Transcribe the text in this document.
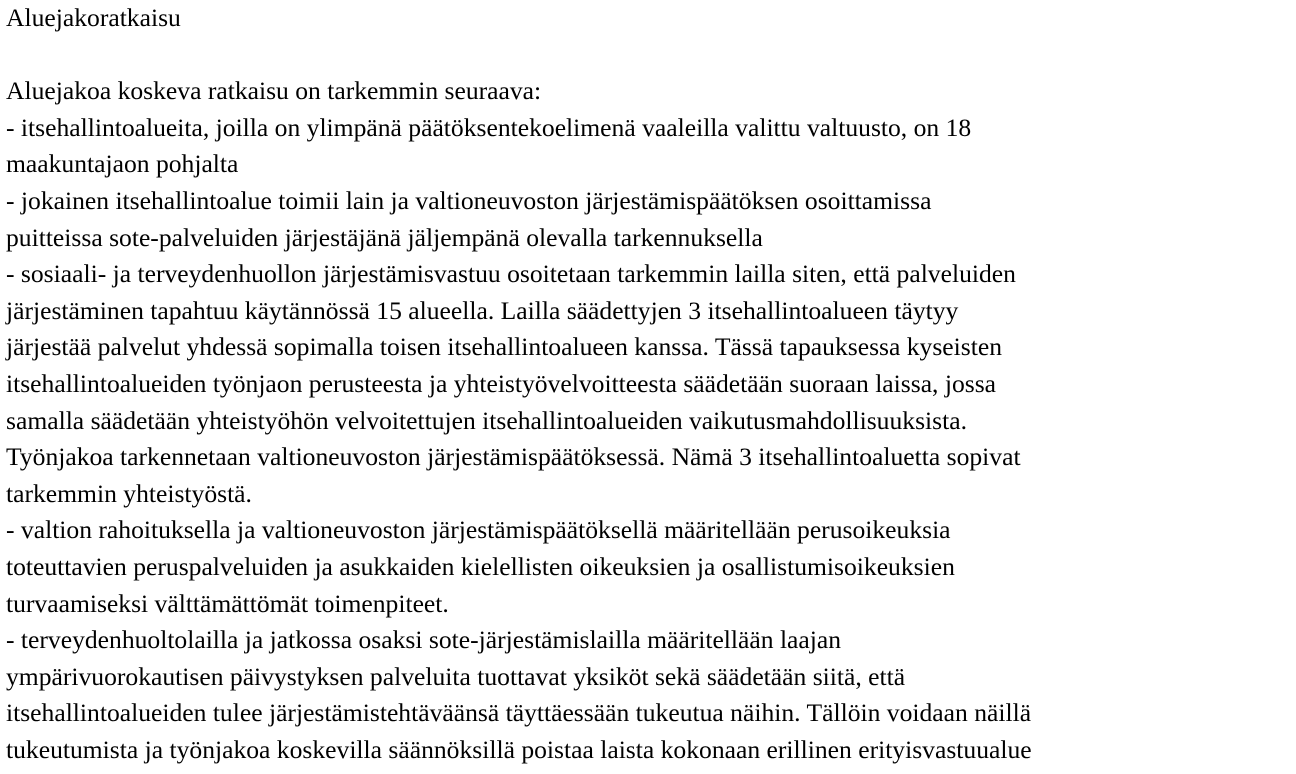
Aluejakoratkaisu
Aluejakoa koskeva ratkaisu on tarkemmin seuraava:
- itsehallintoalueita, joilla on ylimpänä päätöksentekoelimenä vaaleilla valittu valtuusto, on 18
maakuntajaon pohjalta
- jokainen itsehallintoalue toimii lain ja valtioneuvoston järjestämispäätöksen osoittamissa
puitteissa sote-palveluiden järjestäjänä jäljempänä olevalla tarkennuksella
- sosiaali- ja terveydenhuollon järjestämisvastuu osoitetaan tarkemmin lailla siten, että palveluiden
järjestäminen tapahtuu käytännössä 15 alueella. Lailla säädettyjen 3 itsehallintoalueen täytyy
järjestää palvelut yhdessä sopimalla toisen itsehallintoalueen kanssa. Tässä tapauksessa kyseisten
itsehallintoalueiden työnjaon perusteesta ja yhteistyövelvoitteesta säädetään suoraan laissa, jossa
samalla säädetään yhteistyöhön velvoitettujen itsehallintoalueiden vaikutusmahdollisuuksista.
Työnjakoa tarkennetaan valtioneuvoston järjestämispäätöksessä. Nämä 3 itsehallintoaluetta sopivat
tarkemmin yhteistyöstä.
- valtion rahoituksella ja valtioneuvoston järjestämispäätöksellä määritellään perusoikeuksia
toteuttavien peruspalveluiden ja asukkaiden kielellisten oikeuksien ja osallistumisoikeuksien
turvaamiseksi välttämättömät toimenpiteet.
- terveydenhuoltolailla ja jatkossa osaksi sote-järjestämislailla määritellään laajan
ympärivuorokautisen päivystyksen palveluita tuottavat yksiköt sekä säädetään siitä, että
itsehallintoalueiden tulee järjestämistehtäväänsä täyttäessään tukeutua näihin. Tällöin voidaan näillä
tukeutumista ja työnjakoa koskevilla säännöksillä poistaa laista kokonaan erillinen erityisvastuualue
